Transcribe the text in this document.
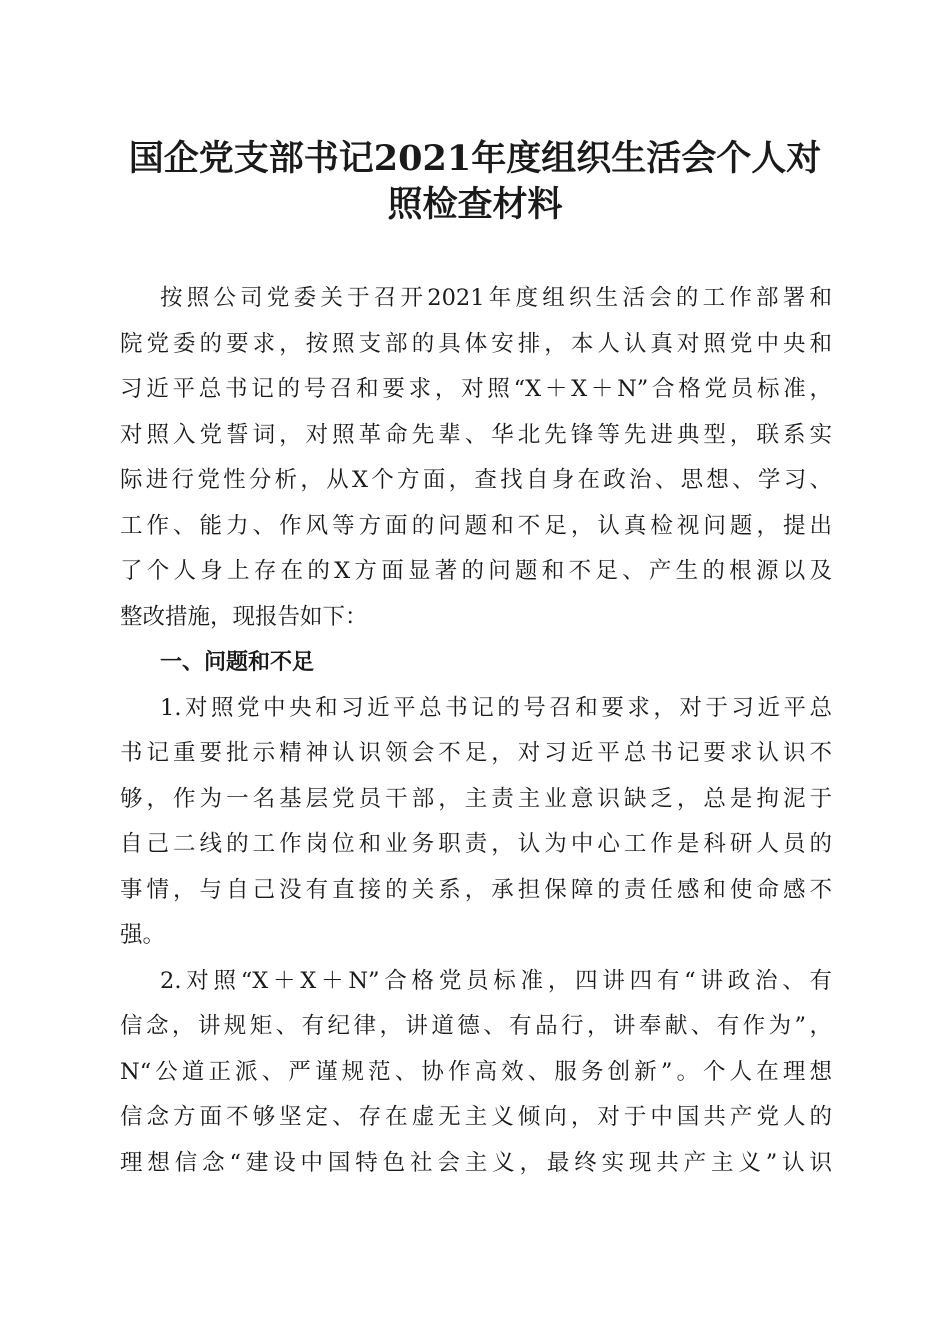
国企党支部书记2021年度组织生活会个人对
照检查材料
按照公司党委关于召开2021年度组织生活会的工作部署和
院党委的要求，按照支部的具体安排，本人认真对照党中央和
习近平总书记的号召和要求，对照“X＋X＋N”合格党员标准，
对照入党誓词，对照革命先辈、华北先锋等先进典型，联系实
际进行党性分析，从X个方面，查找自身在政治、思想、学习、
工作、能力、作风等方面的问题和不足，认真检视问题，提出
了个人身上存在的X方面显著的问题和不足、产生的根源以及
整改措施，现报告如下：
一、问题和不足
1.对照党中央和习近平总书记的号召和要求，对于习近平总
书记重要批示精神认识领会不足，对习近平总书记要求认识不
够，作为一名基层党员干部，主责主业意识缺乏，总是拘泥于
自己二线的工作岗位和业务职责，认为中心工作是科研人员的
事情，与自己没有直接的关系，承担保障的责任感和使命感不
强。
2.对照“X＋X＋N”合格党员标准，四讲四有“讲政治、有
信念，讲规矩、有纪律，讲道德、有品行，讲奉献、有作为”，
N“公道正派、严谨规范、协作高效、服务创新”。个人在理想
信念方面不够坚定、存在虚无主义倾向，对于中国共产党人的
理想信念“建设中国特色社会主义，最终实现共产主义”认识
